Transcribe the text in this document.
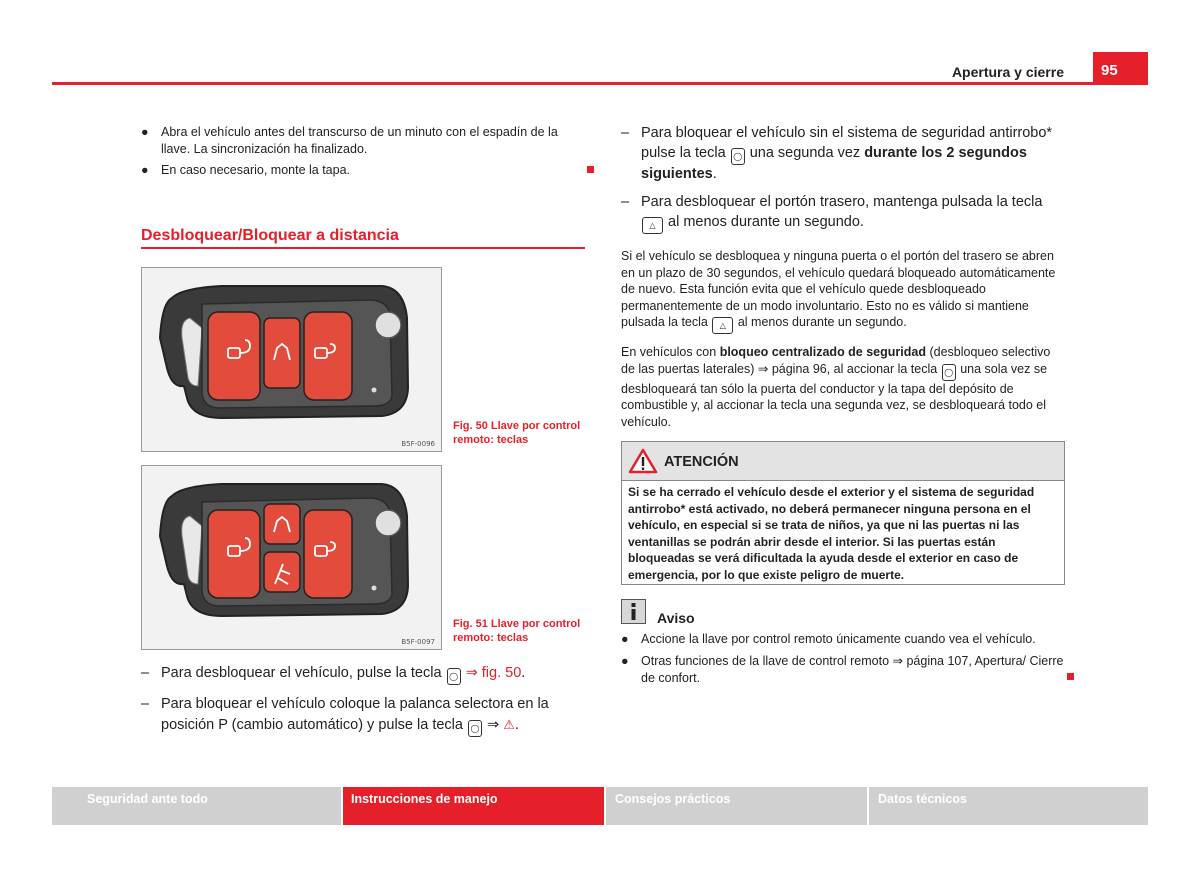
Apertura y cierre	95
● Abra el vehículo antes del transcurso de un minuto con el espadín de la llave. La sincronización ha finalizado.
● En caso necesario, monte la tapa.
Desbloquear/Bloquear a distancia
B5F-0096
Fig. 50 Llave por control remoto: teclas
B5F-0097
Fig. 51 Llave por control remoto: teclas
– Para desbloquear el vehículo, pulse la tecla ◯ ⇒ fig. 50.
– Para bloquear el vehículo coloque la palanca selectora en la posición P (cambio automático) y pulse la tecla ◯ ⇒ ⚠.
– Para bloquear el vehículo sin el sistema de seguridad antirrobo* pulse la tecla ◯ una segunda vez durante los 2 segundos siguientes.
– Para desbloquear el portón trasero, mantenga pulsada la tecla △ al menos durante un segundo.
Si el vehículo se desbloquea y ninguna puerta o el portón del trasero se abren en un plazo de 30 segundos, el vehículo quedará bloqueado automáticamente de nuevo. Esta función evita que el vehículo quede desbloqueado permanentemente de un modo involuntario. Esto no es válido si mantiene pulsada la tecla △ al menos durante un segundo.
En vehículos con bloqueo centralizado de seguridad (desbloqueo selectivo de las puertas laterales) ⇒ página 96, al accionar la tecla ◯ una sola vez se desbloqueará tan sólo la puerta del conductor y la tapa del depósito de combustible y, al accionar la tecla una segunda vez, se desbloqueará todo el vehículo.
ATENCIÓN
Si se ha cerrado el vehículo desde el exterior y el sistema de seguridad antirrobo* está activado, no deberá permanecer ninguna persona en el vehículo, en especial si se trata de niños, ya que ni las puertas ni las ventanillas se podrán abrir desde el interior. Si las puertas están bloqueadas se verá dificultada la ayuda desde el exterior en caso de emergencia, por lo que existe peligro de muerte.
Aviso
● Accione la llave por control remoto únicamente cuando vea el vehículo.
● Otras funciones de la llave de control remoto ⇒ página 107, Apertura/ Cierre de confort.
Seguridad ante todo	Instrucciones de manejo	Consejos prácticos	Datos técnicos
